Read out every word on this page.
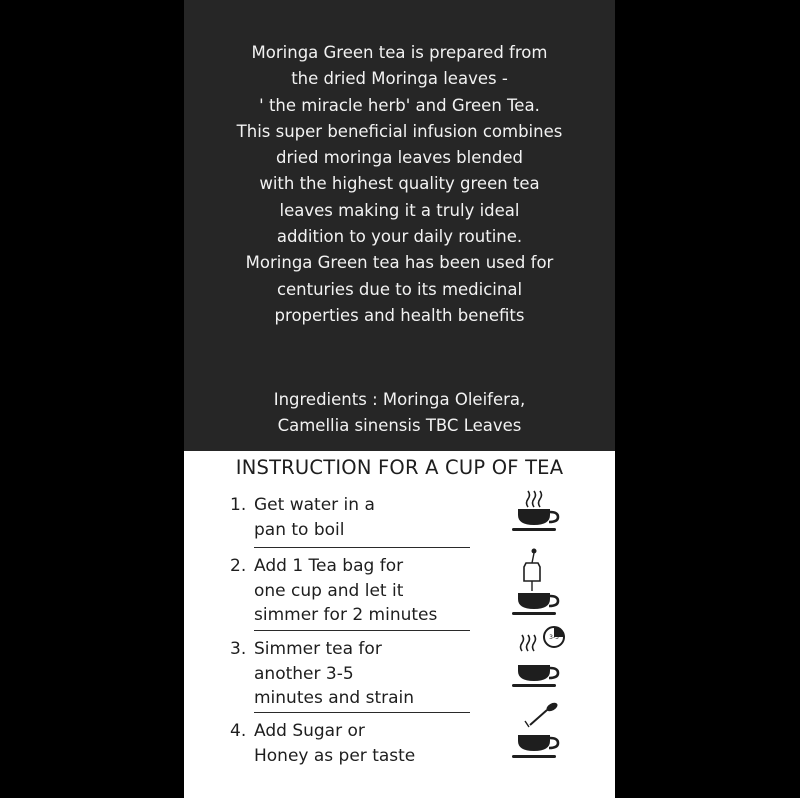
Moringa Green tea is prepared from
the dried Moringa leaves -
' the miracle herb' and Green Tea.
This super beneficial infusion combines
dried moringa leaves blended
with the highest quality green tea
leaves making it a truly ideal
addition to your daily routine.
Moringa Green tea has been used for
centuries due to its medicinal
properties and health benefits
Ingredients : Moringa Oleifera,
Camellia sinensis TBC Leaves
INSTRUCTION FOR A CUP OF TEA
1. Get water in a
pan to boil
2. Add 1 Tea bag for
one cup and let it
simmer for 2 minutes
3. Simmer tea for
another 3-5
minutes and strain
3-5
4. Add Sugar or
Honey as per taste
